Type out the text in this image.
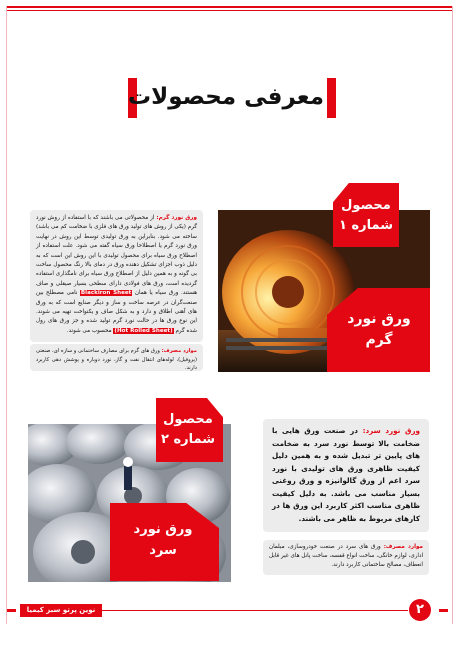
معرفی محصولات
ورق نورد گرم: از محصولاتی می باشند که با استفاده از روش نورد گرم (یکی از روش های تولید ورق های فلزی با ضخامت کم می باشد) ساخته می شود. بنابراین به ورق تولیدی توسط این روش در نهایت ورق نورد گرم یا اصطلاحا ورق سیاه گفته می شود. علت استفاده از اصطلاح ورق سیاه برای محصول تولیدی با این روش این است که به دلیل ذوب اجزای تشکیل دهنده ورق در دمای بالا رنگ محصول ساخت بی گونه و به همین دلیل از اصطلاح ورق سیاه برای نامگذاری استفاده گردیده است، ورق های فولادی دارای سطحی بسیار صیقلی و صاف هستند. ورق سیاه یا همان Blackiron Sheet نامی مصطلح بین صنعت‌گران در عرصه ساخت و ساز و دیگر صنایع است که به ورق های آهنی اطلاق و دارد و به شکل صاف و یکنواخت تهیه می شوند. این نوع ورق ها در حالت نورد گرم تولید شده و جز ورق های رول شده گرم (Hot Rolled Sheet) محسوب می شوند.
موارد مصرف: ورق های گرم برای مصارف ساختمانی و سازه ای، صنعتی (پروفیل)، لوله‌های انتقال نفت و گاز، نورد دوباره و پوشش دهی کاربرد دارند.
محصول شماره ۱
ورق نورد گرم
محصول شماره ۲
ورق نورد سرد
ورق نورد سرد: در صنعت ورق هایی با ضخامت بالا توسط نورد سرد به ضخامت های پایین تر تبدیل شده و به همین دلیل کیفیت ظاهری ورق های تولیدی با نورد سرد اعم از ورق گالوانیزه و ورق روغنی بسیار مناسب می باشد. به دلیل کیفیت ظاهری مناسب اکثر کاربرد این ورق ها در کارهای مربوط به ظاهر می باشند.
موارد مصرف: ورق های سرد در صنعت خودروسازی، مبلمان اداری، لوازم خانگی، ساخت انواع قفسه، ساخت پانل های غیر قابل انعطاف، مصالح ساختمانی کاربرد دارند.
نوین پرتو سبز کیمیا	۲
